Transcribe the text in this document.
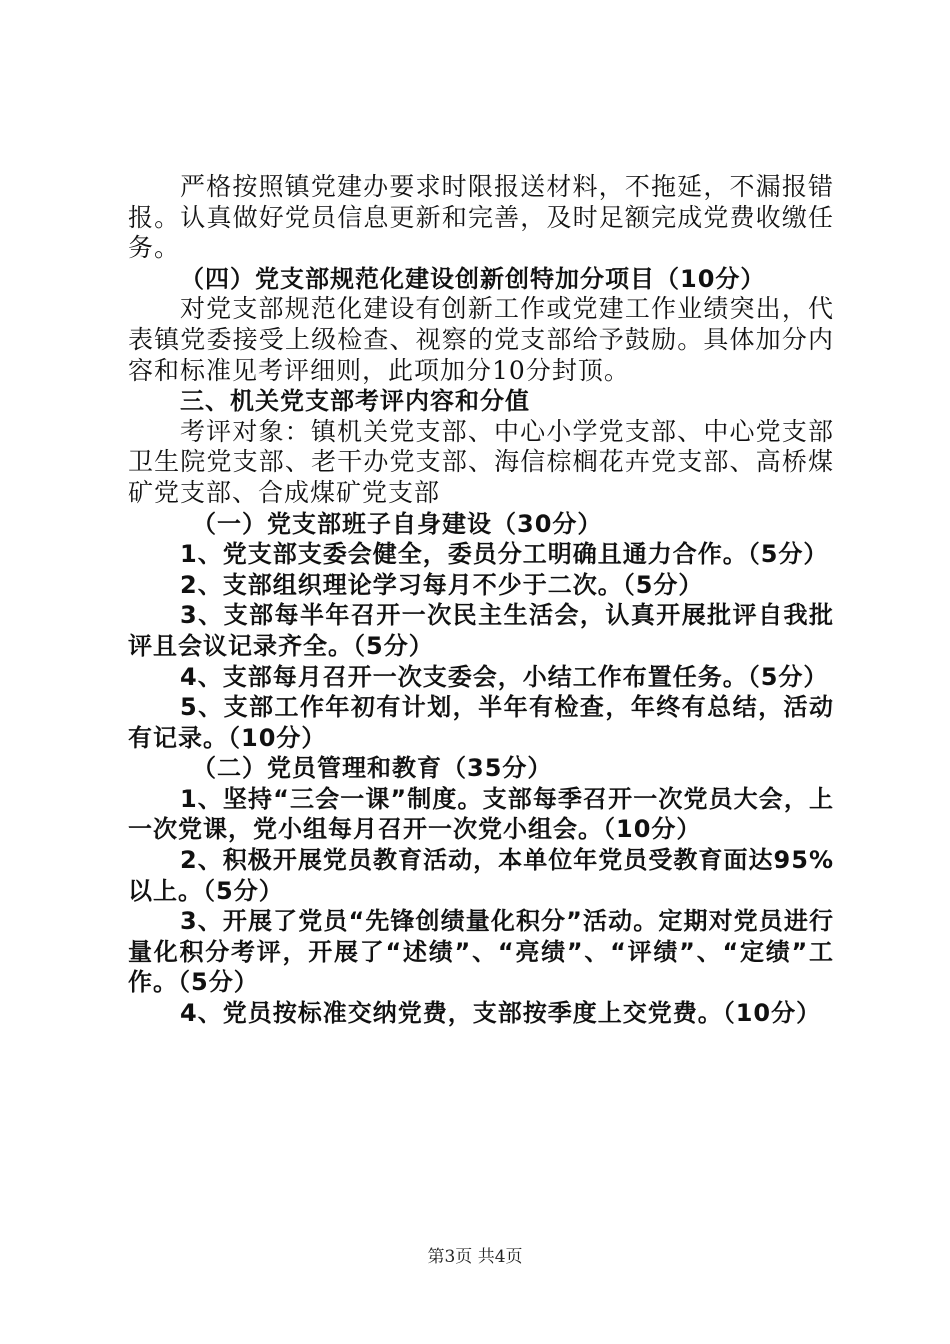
严格按照镇党建办要求时限报送材料，不拖延，不漏报错报。认真做好党员信息更新和完善，及时足额完成党费收缴任务。

（四）党支部规范化建设创新创特加分项目（10分）

对党支部规范化建设有创新工作或党建工作业绩突出，代表镇党委接受上级检查、视察的党支部给予鼓励。具体加分内容和标准见考评细则，此项加分10分封顶。

三、机关党支部考评内容和分值

考评对象：镇机关党支部、中心小学党支部、中心党支部卫生院党支部、老干办党支部、海信棕榈花卉党支部、高桥煤矿党支部、合成煤矿党支部

（一）党支部班子自身建设（30分）

1、党支部支委会健全，委员分工明确且通力合作。（5分）

2、支部组织理论学习每月不少于二次。（5分）

3、支部每半年召开一次民主生活会，认真开展批评自我批评且会议记录齐全。（5分）

4、支部每月召开一次支委会，小结工作布置任务。（5分）

5、支部工作年初有计划，半年有检查，年终有总结，活动有记录。（10分）

（二）党员管理和教育（35分）

1、坚持“三会一课”制度。支部每季召开一次党员大会，上一次党课，党小组每月召开一次党小组会。（10分）

2、积极开展党员教育活动，本单位年党员受教育面达95%以上。（5分）

3、开展了党员“先锋创绩量化积分”活动。定期对党员进行量化积分考评，开展了“述绩”、“亮绩”、“评绩”、“定绩”工作。（5分）

4、党员按标准交纳党费，支部按季度上交党费。（10分）

第3页 共4页
